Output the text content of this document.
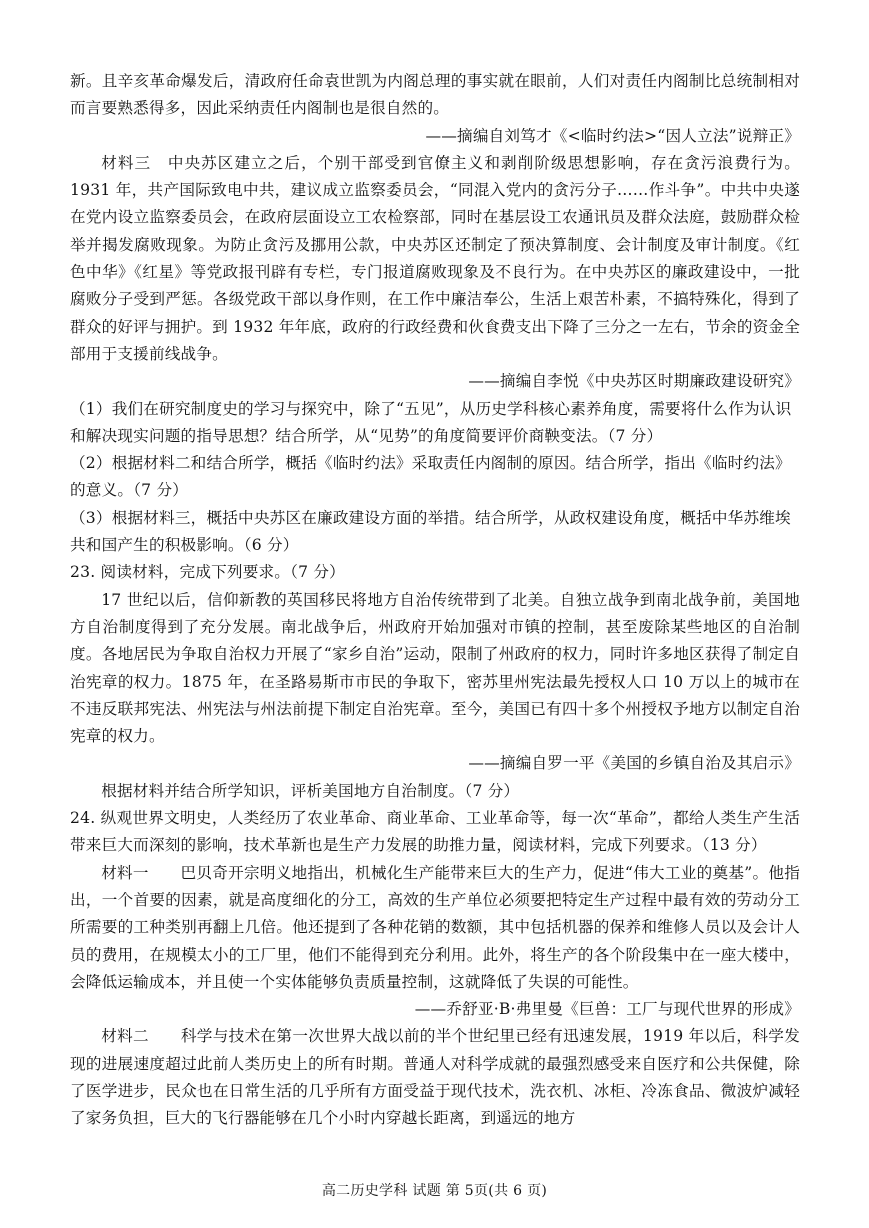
新。且辛亥革命爆发后，清政府任命袁世凯为内阁总理的事实就在眼前，人们对责任内阁制比总统制相对而言要熟悉得多，因此采纳责任内阁制也是很自然的。

——摘编自刘笃才《<临时约法>“因人立法”说辩正》

材料三　中央苏区建立之后，个别干部受到官僚主义和剥削阶级思想影响，存在贪污浪费行为。1931 年，共产国际致电中共，建议成立监察委员会，“同混入党内的贪污分子……作斗争”。中共中央遂在党内设立监察委员会，在政府层面设立工农检察部，同时在基层设工农通讯员及群众法庭，鼓励群众检举并揭发腐败现象。为防止贪污及挪用公款，中央苏区还制定了预决算制度、会计制度及审计制度。《红色中华》《红星》等党政报刊辟有专栏，专门报道腐败现象及不良行为。在中央苏区的廉政建设中，一批腐败分子受到严惩。各级党政干部以身作则，在工作中廉洁奉公，生活上艰苦朴素，不搞特殊化，得到了群众的好评与拥护。到 1932 年年底，政府的行政经费和伙食费支出下降了三分之一左右，节余的资金全部用于支援前线战争。

——摘编自李悦《中央苏区时期廉政建设研究》

（1）我们在研究制度史的学习与探究中，除了“五见”，从历史学科核心素养角度，需要将什么作为认识和解决现实问题的指导思想？结合所学，从“见势”的角度简要评价商鞅变法。（7 分）

（2）根据材料二和结合所学，概括《临时约法》采取责任内阁制的原因。结合所学，指出《临时约法》的意义。（7 分）

（3）根据材料三，概括中央苏区在廉政建设方面的举措。结合所学，从政权建设角度，概括中华苏维埃共和国产生的积极影响。（6 分）

23. 阅读材料，完成下列要求。（7 分）

17 世纪以后，信仰新教的英国移民将地方自治传统带到了北美。自独立战争到南北战争前，美国地方自治制度得到了充分发展。南北战争后，州政府开始加强对市镇的控制，甚至废除某些地区的自治制度。各地居民为争取自治权力开展了“家乡自治”运动，限制了州政府的权力，同时许多地区获得了制定自治宪章的权力。1875 年，在圣路易斯市市民的争取下，密苏里州宪法最先授权人口 10 万以上的城市在不违反联邦宪法、州宪法与州法前提下制定自治宪章。至今，美国已有四十多个州授权予地方以制定自治宪章的权力。

——摘编自罗一平《美国的乡镇自治及其启示》

根据材料并结合所学知识，评析美国地方自治制度。（7 分）

24. 纵观世界文明史，人类经历了农业革命、商业革命、工业革命等，每一次“革命”，都给人类生产生活带来巨大而深刻的影响，技术革新也是生产力发展的助推力量，阅读材料，完成下列要求。（13 分）

材料一　　巴贝奇开宗明义地指出，机械化生产能带来巨大的生产力，促进“伟大工业的奠基”。他指出，一个首要的因素，就是高度细化的分工，高效的生产单位必须要把特定生产过程中最有效的劳动分工所需要的工种类别再翻上几倍。他还提到了各种花销的数额，其中包括机器的保养和维修人员以及会计人员的费用，在规模太小的工厂里，他们不能得到充分利用。此外，将生产的各个阶段集中在一座大楼中，会降低运输成本，并且使一个实体能够负责质量控制，这就降低了失误的可能性。

——乔舒亚·B·弗里曼《巨兽：工厂与现代世界的形成》

材料二　　科学与技术在第一次世界大战以前的半个世纪里已经有迅速发展，1919 年以后，科学发现的进展速度超过此前人类历史上的所有时期。普通人对科学成就的最强烈感受来自医疗和公共保健，除了医学进步，民众也在日常生活的几乎所有方面受益于现代技术，洗衣机、冰柜、冷冻食品、微波炉减轻了家务负担，巨大的飞行器能够在几个小时内穿越长距离，到遥远的地方

高二历史学科 试题 第 5页(共 6 页)
